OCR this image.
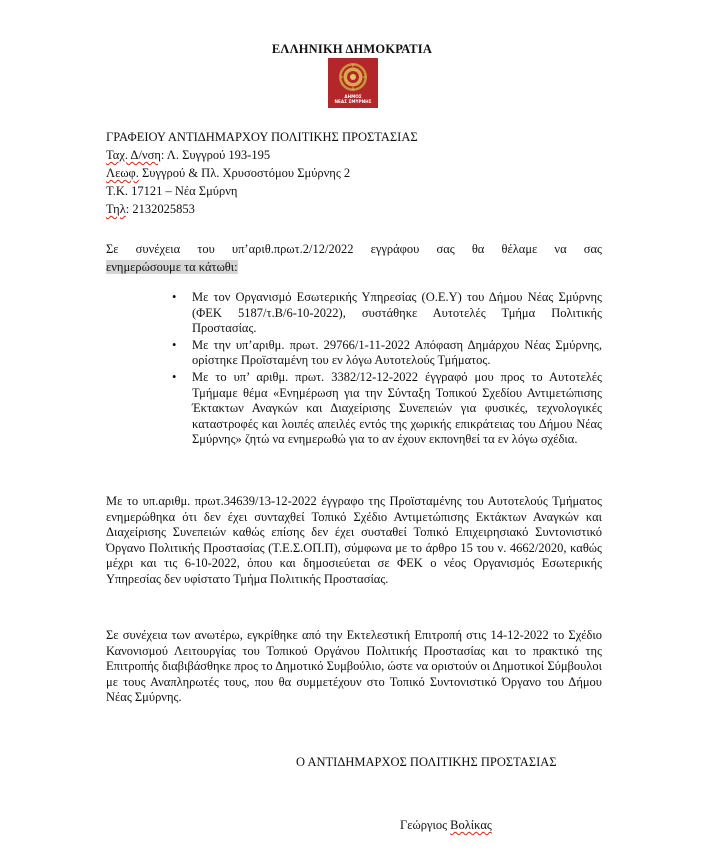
ΕΛΛΗΝΙΚΗ ΔΗΜΟΚΡΑΤΙΑ
ΔΗΜΟΣ
ΝΕΑΣ ΣΜΥΡΝΗΣ
ΓΡΑΦΕΙΟΥ ΑΝΤΙΔΗΜΑΡΧΟΥ ΠΟΛΙΤΙΚΗΣ ΠΡΟΣΤΑΣΙΑΣ
Ταχ. Δ/νση: Λ. Συγγρού 193-195
Λεωφ. Συγγρού & Πλ. Χρυσοστόμου Σμύρνης 2
Τ.Κ. 17121 – Νέα Σμύρνη
Τηλ: 2132025853
Σε συνέχεια του υπ’αριθ.πρωτ.2/12/2022 εγγράφου σας θα θέλαμε να σας
ενημερώσουμε τα κάτωθι:
• Με τον Οργανισμό Εσωτερικής Υπηρεσίας (Ο.Ε.Υ) του Δήμου Νέας Σμύρνης (ΦΕΚ 5187/τ.Β/6-10-2022), συστάθηκε Αυτοτελές Τμήμα Πολιτικής Προστασίας.
• Με την υπ’αριθμ. πρωτ. 29766/1-11-2022 Απόφαση Δημάρχου Νέας Σμύρνης, ορίστηκε Προϊσταμένη του εν λόγω Αυτοτελούς Τμήματος.
• Με το υπ’ αριθμ. πρωτ. 3382/12-12-2022 έγγραφό μου προς το Αυτοτελές Τμήμαμε θέμα «Ενημέρωση για την Σύνταξη Τοπικού Σχεδίου Αντιμετώπισης Έκτακτων Αναγκών και Διαχείρισης Συνεπειών για φυσικές, τεχνολογικές καταστροφές και λοιπές απειλές εντός της χωρικής επικράτειας του Δήμου Νέας Σμύρνης» ζητώ να ενημερωθώ για το αν έχουν εκπονηθεί τα εν λόγω σχέδια.
Με το υπ.αριθμ. πρωτ.34639/13-12-2022 έγγραφο της Προϊσταμένης του Αυτοτελούς Τμήματος ενημερώθηκα ότι δεν έχει συνταχθεί Τοπικό Σχέδιο Αντιμετώπισης Εκτάκτων Αναγκών και Διαχείρισης Συνεπειών καθώς επίσης δεν έχει συσταθεί Τοπικό Επιχειρησιακό Συντονιστικό Όργανο Πολιτικής Προστασίας (Τ.Ε.Σ.ΟΠ.Π), σύμφωνα με το άρθρο 15 του ν. 4662/2020, καθώς μέχρι και τις 6-10-2022, όπου και δημοσιεύεται σε ΦΕΚ ο νέος Οργανισμός Εσωτερικής Υπηρεσίας δεν υφίστατο Τμήμα Πολιτικής Προστασίας.
Σε συνέχεια των ανωτέρω, εγκρίθηκε από την Εκτελεστική Επιτροπή στις 14-12-2022 το Σχέδιο Κανονισμού Λειτουργίας του Τοπικού Οργάνου Πολιτικής Προστασίας και το πρακτικό της Επιτροπής διαβιβάσθηκε προς το Δημοτικό Συμβούλιο, ώστε να οριστούν οι Δημοτικοί Σύμβουλοι με τους Αναπληρωτές τους, που θα συμμετέχουν στο Τοπικό Συντονιστικό Όργανο του Δήμου Νέας Σμύρνης.
Ο ΑΝΤΙΔΗΜΑΡΧΟΣ ΠΟΛΙΤΙΚΗΣ ΠΡΟΣΤΑΣΙΑΣ
Γεώργιος Βολίκας
